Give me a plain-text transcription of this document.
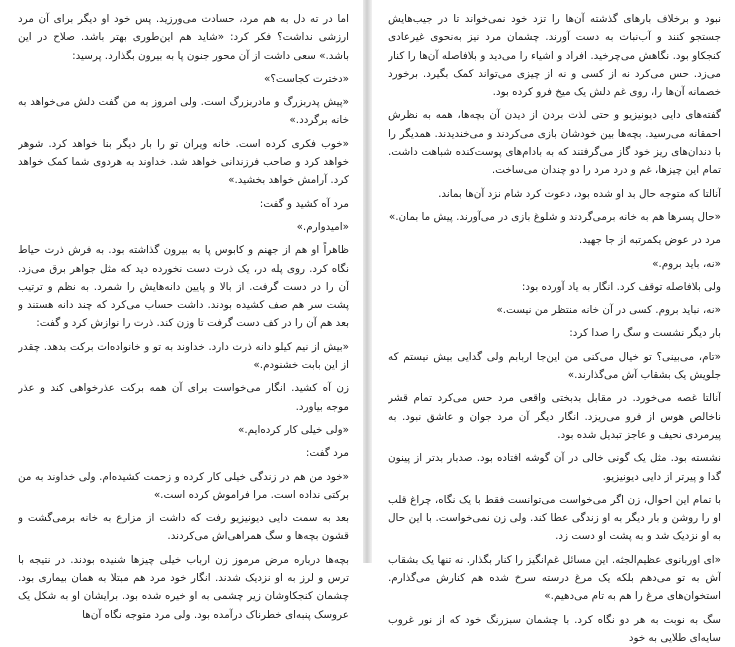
اما در ته دل به هم مرد، حسادت می‌ورزید. پس خود او دیگر برای آن مرد ارزشی نداشت؟ فکر کرد: «شاید هم این‌طوری بهتر باشد. صلاح در این باشد.» سعی داشت از آن محور جنون پا به بیرون بگذارد. پرسید:

«دخترت کجاست؟»

«پیش پدربزرگ و مادربزرگ است. ولی امروز به من گفت دلش می‌خواهد به خانه برگردد.»

«خوب فکری کرده است. خانه ویران تو را بار دیگر بنا خواهد کرد. شوهر خواهد کرد و صاحب فرزندانی خواهد شد. خداوند به هردوی شما کمک خواهد کرد. آرامش خواهد بخشید.»

مرد آه کشید و گفت:

«امیدوارم.»

ظاهراً او هم از جهنم و کابوس پا به بیرون گذاشته بود. به فرش ذرت حیاط نگاه کرد. روی پله در، یک ذرت دست نخورده دید که مثل جواهر برق می‌زد. آن را در دست گرفت. از بالا و پایین دانه‌هایش را شمرد. به نظم و ترتیب پشت سر هم صف کشیده بودند. داشت حساب می‌کرد که چند دانه هستند و بعد هم آن را در کف دست گرفت تا وزن کند. ذرت را نوازش کرد و گفت:

«بیش از نیم کیلو دانه ذرت دارد. خداوند به تو و خانواده‌ات برکت بدهد. چقدر از این بابت خشنودم.»

زن آه کشید. انگار می‌خواست برای آن همه برکت عذرخواهی کند و عذر موجه بیاورد.

«ولی خیلی کار کرده‌ایم.»

مرد گفت:

«خود من هم در زندگی خیلی کار کرده و زحمت کشیده‌ام. ولی خداوند به من برکتی نداده است. مرا فراموش کرده است.»

بعد به سمت دایی دیونیزیو رفت که داشت از مزارع به خانه برمی‌گشت و قشون بچه‌ها و سگ همراهی‌اش می‌کردند.

بچه‌ها درباره مرض مرموز زن ارباب خیلی چیزها شنیده بودند. در نتیجه با ترس و لرز به او نزدیک شدند. انگار خود مرد هم مبتلا به همان بیماری بود. چشمان کنجکاوشان زیر چشمی به او خیره شده بود. برایشان او به شکل یک عروسک پنبه‌ای خطرناک درآمده بود. ولی مرد متوجه نگاه آن‌ها

نبود و برخلاف بارهای گذشته آن‌ها را تزد خود نمی‌خواند تا در جیب‌هایش جستجو کنند و آب‌نبات به دست آورند. چشمان مرد نیز به‌نحوی غیرعادی کنجکاو بود. نگاهش می‌چرخید. افراد و اشیاء را می‌دید و بلافاصله آن‌ها را کنار می‌زد. حس می‌کرد نه از کسی و نه از چیزی می‌تواند کمک بگیرد. برخورد خصمانه آن‌ها را، روی غم دلش یک میخ فرو کرده بود.

گفته‌های دایی دیونیزیو و حتی لذت بردن از دیدن آن بچه‌ها، همه به نظرش احمقانه می‌رسید. بچه‌ها بین خودشان بازی می‌کردند و می‌خندیدند. همدیگر را با دندان‌های ریز خود گاز می‌گرفتند که به بادام‌های پوست‌کنده شباهت داشت. تمام این چیزها، غم و درد مرد را دو چندان می‌ساخت.

آنالتا که متوجه حال بد او شده بود، دعوت کرد شام نزد آن‌ها بماند.

«حال پسرها هم به خانه برمی‌گردند و شلوغ بازی در می‌آورند. پیش ما بمان.»

مرد در عوض یکمرتبه از جا جهید.

«نه، باید بروم.»

ولی بلافاصله توقف کرد. انگار به یاد آورده بود:

«نه، نباید بروم. کسی در آن خانه منتظر من نیست.»

بار دیگر نشست و سگ را صدا کرد:

«تام، می‌بینی؟ تو خیال می‌کنی من این‌جا اربابم ولی گدایی بیش نیستم که جلویش یک بشقاب آش می‌گذارند.»

آنالتا غصه می‌خورد. در مقابل بدبختی واقعی مرد حس می‌کرد تمام قشر ناخالص هوس از فرو می‌ریزد. انگار دیگر آن مرد جوان و عاشق نبود. به پیرمردی نحیف و عاجز تبدیل شده بود.

نشسته بود. مثل یک گونی خالی در آن گوشه افتاده بود. صدبار بدتر از پینون گدا و پیرتر از دایی دیونیزیو.

با تمام این احوال، زن اگر می‌خواست می‌توانست فقط با یک نگاه، چراغ قلب او را روشن و بار دیگر به او زندگی عطا کند. ولی زن نمی‌خواست. با این حال به او نزدیک شد و به پشت او دست زد.

«ای اوربانوی عظیم‌الجثه. این مسائل غم‌انگیز را کنار بگذار. نه تنها یک بشقاب آش به تو می‌دهم بلکه یک مرغ درسته سرخ شده هم کنارش می‌گذارم. استخوان‌های مرغ را هم به تام می‌دهیم.»

سگ به نوبت به هر دو نگاه کرد. با چشمان سبزرنگ خود که از نور غروب سایه‌ای طلایی به خود
